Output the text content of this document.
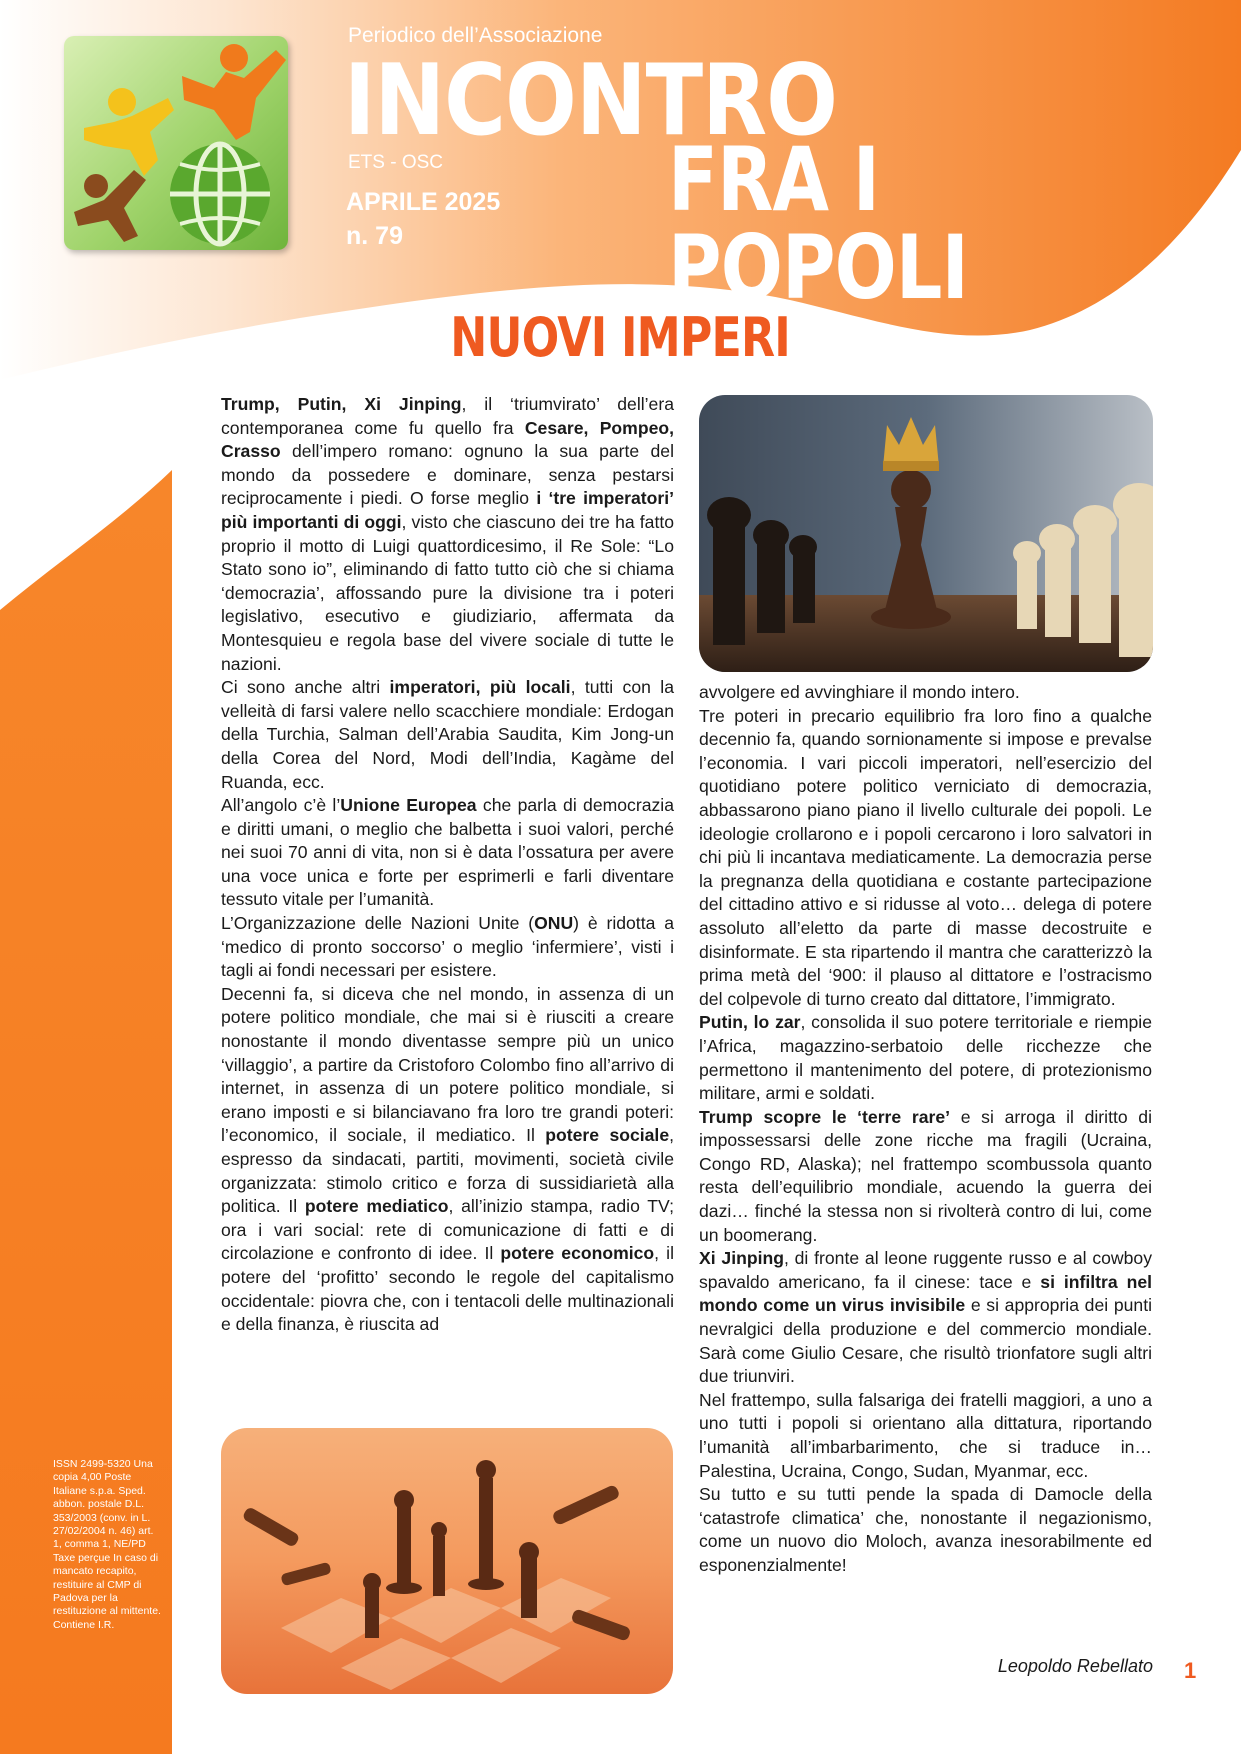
Periodico dell’Associazione
INCONTRO
FRA I POPOLI
ETS - OSC
APRILE 2025
n. 79
NUOVI IMPERI

Trump, Putin, Xi Jinping, il ‘triumvirato’ dell’era contemporanea come fu quello fra Cesare, Pompeo, Crasso dell’impero romano: ognuno la sua parte del mondo da possedere e dominare, senza pestarsi reciprocamente i piedi. O forse meglio i ‘tre imperatori’ più importanti di oggi, visto che ciascuno dei tre ha fatto proprio il motto di Luigi quattordicesimo, il Re Sole: “Lo Stato sono io”, eliminando di fatto tutto ciò che si chiama ‘democrazia’, affossando pure la divisione tra i poteri legislativo, esecutivo e giudiziario, affermata da Montesquieu e regola base del vivere sociale di tutte le nazioni.

Ci sono anche altri imperatori, più locali, tutti con la velleità di farsi valere nello scacchiere mondiale: Erdogan della Turchia, Salman dell’Arabia Saudita, Kim Jong-un della Corea del Nord, Modi dell’India, Kagàme del Ruanda, ecc.

All’angolo c’è l’Unione Europea che parla di democrazia e diritti umani, o meglio che balbetta i suoi valori, perché nei suoi 70 anni di vita, non si è data l’ossatura per avere una voce unica e forte per esprimerli e farli diventare tessuto vitale per l’umanità.

L’Organizzazione delle Nazioni Unite (ONU) è ridotta a ‘medico di pronto soccorso’ o meglio ‘infermiere’, visti i tagli ai fondi necessari per esistere.

Decenni fa, si diceva che nel mondo, in assenza di un potere politico mondiale, che mai si è riusciti a creare nonostante il mondo diventasse sempre più un unico ‘villaggio’, a partire da Cristoforo Colombo fino all’arrivo di internet, in assenza di un potere politico mondiale, si erano imposti e si bilanciavano fra loro tre grandi poteri: l’economico, il sociale, il mediatico. Il potere sociale, espresso da sindacati, partiti, movimenti, società civile organizzata: stimolo critico e forza di sussidiarietà alla politica. Il potere mediatico, all’inizio stampa, radio TV; ora i vari social: rete di comunicazione di fatti e di circolazione e confronto di idee. Il potere economico, il potere del ‘profitto’ secondo le regole del capitalismo occidentale: piovra che, con i tentacoli delle multinazionali e della finanza, è riuscita ad

avvolgere ed avvinghiare il mondo intero.

Tre poteri in precario equilibrio fra loro fino a qualche decennio fa, quando sornionamente si impose e prevalse l’economia. I vari piccoli imperatori, nell’esercizio del quotidiano potere politico verniciato di democrazia, abbassarono piano piano il livello culturale dei popoli. Le ideologie crollarono e i popoli cercarono i loro salvatori in chi più li incantava mediaticamente. La democrazia perse la pregnanza della quotidiana e costante partecipazione del cittadino attivo e si ridusse al voto… delega di potere assoluto all’eletto da parte di masse decostruite e disinformate. E sta ripartendo il mantra che caratterizzò la prima metà del ‘900: il plauso al dittatore e l’ostracismo del colpevole di turno creato dal dittatore, l’immigrato.

Putin, lo zar, consolida il suo potere territoriale e riempie l’Africa, magazzino-serbatoio delle ricchezze che permettono il mantenimento del potere, di protezionismo militare, armi e soldati.

Trump scopre le ‘terre rare’ e si arroga il diritto di impossessarsi delle zone ricche ma fragili (Ucraina, Congo RD, Alaska); nel frattempo scombussola quanto resta dell’equilibrio mondiale, acuendo la guerra dei dazi… finché la stessa non si rivolterà contro di lui, come un boomerang.

Xi Jinping, di fronte al leone ruggente russo e al cowboy spavaldo americano, fa il cinese: tace e si infiltra nel mondo come un virus invisibile e si appropria dei punti nevralgici della produzione e del commercio mondiale. Sarà come Giulio Cesare, che risultò trionfatore sugli altri due triunviri.

Nel frattempo, sulla falsariga dei fratelli maggiori, a uno a uno tutti i popoli si orientano alla dittatura, riportando l’umanità all’imbarbarimento, che si traduce in… Palestina, Ucraina, Congo, Sudan, Myanmar, ecc.

Su tutto e su tutti pende la spada di Damocle della ‘catastrofe climatica’ che, nonostante il negazionismo, come un nuovo dio Moloch, avanza inesorabilmente ed esponenzialmente!

Leopoldo Rebellato 1
ISSN 2499-5320 Una copia 4,00 Poste Italiane s.p.a. Sped. abbon. postale D.L. 353/2003 (conv. in L. 27/02/2004 n. 46) art. 1, comma 1, NE/PD Taxe perçue In caso di mancato recapito, restituire al CMP di Padova per la restituzione al mittente. Contiene I.R.
